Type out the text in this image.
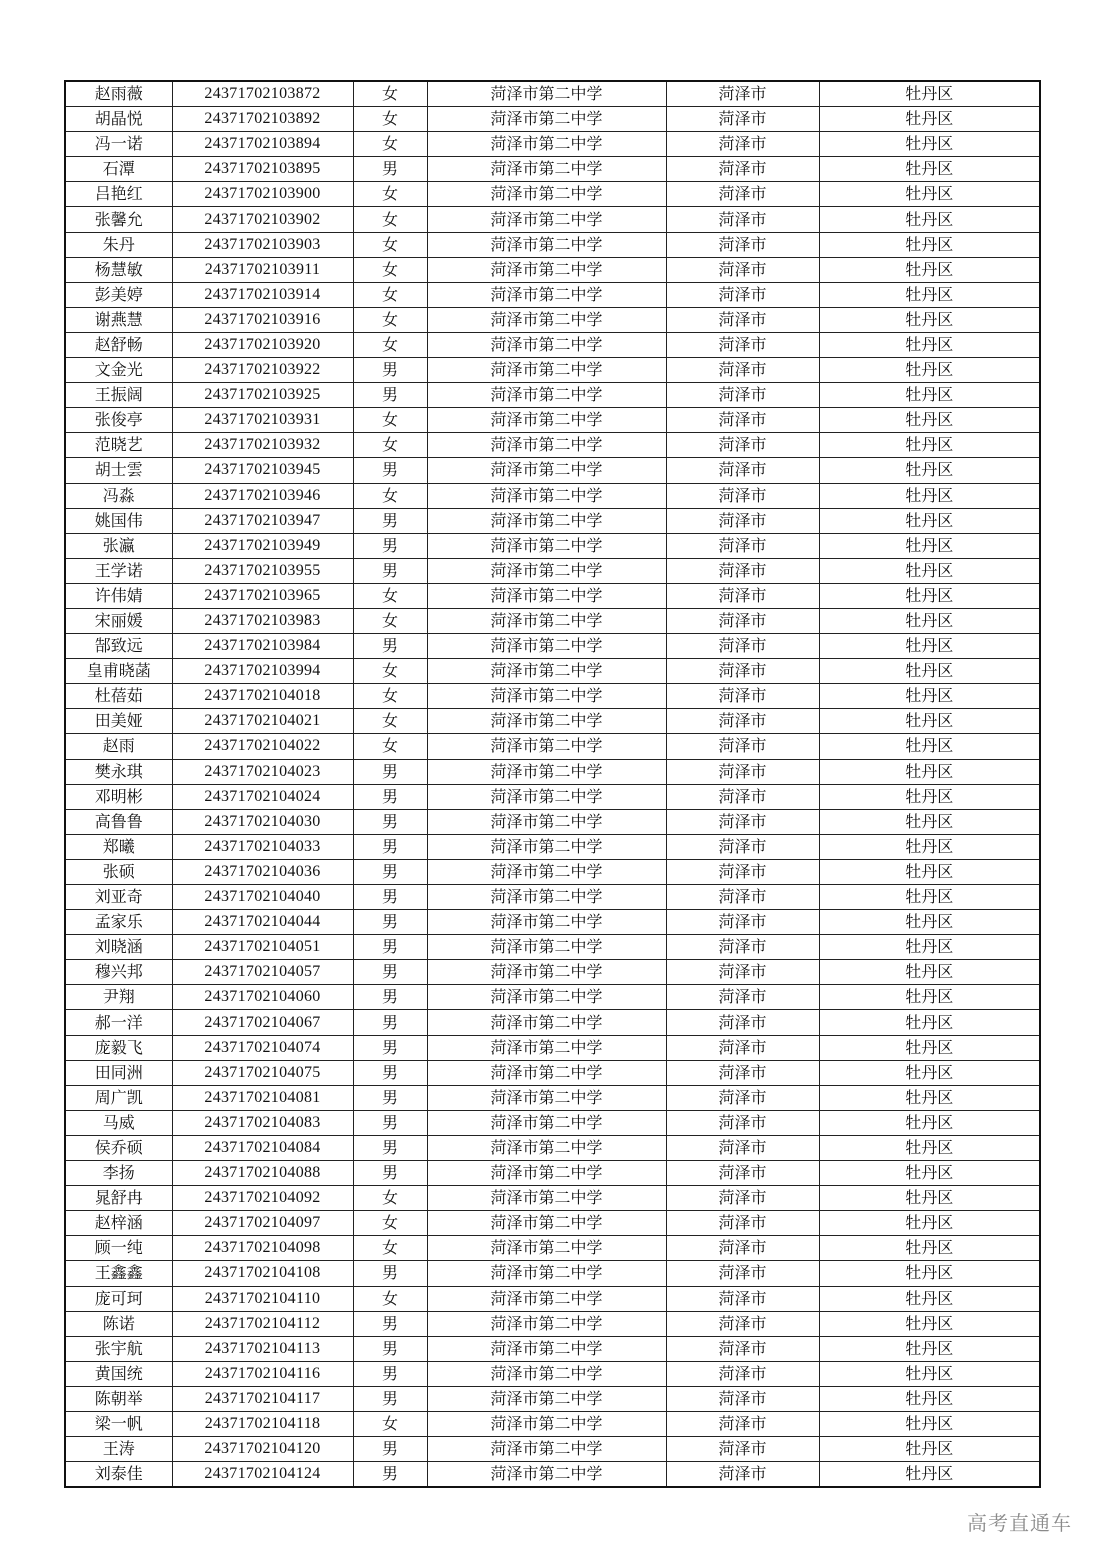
赵雨薇	24371702103872	女	菏泽市第二中学	菏泽市	牡丹区
胡晶悦	24371702103892	女	菏泽市第二中学	菏泽市	牡丹区
冯一诺	24371702103894	女	菏泽市第二中学	菏泽市	牡丹区
石潭	24371702103895	男	菏泽市第二中学	菏泽市	牡丹区
吕艳红	24371702103900	女	菏泽市第二中学	菏泽市	牡丹区
张馨允	24371702103902	女	菏泽市第二中学	菏泽市	牡丹区
朱丹	24371702103903	女	菏泽市第二中学	菏泽市	牡丹区
杨慧敏	24371702103911	女	菏泽市第二中学	菏泽市	牡丹区
彭美婷	24371702103914	女	菏泽市第二中学	菏泽市	牡丹区
谢燕慧	24371702103916	女	菏泽市第二中学	菏泽市	牡丹区
赵舒畅	24371702103920	女	菏泽市第二中学	菏泽市	牡丹区
文金光	24371702103922	男	菏泽市第二中学	菏泽市	牡丹区
王振阔	24371702103925	男	菏泽市第二中学	菏泽市	牡丹区
张俊亭	24371702103931	女	菏泽市第二中学	菏泽市	牡丹区
范晓艺	24371702103932	女	菏泽市第二中学	菏泽市	牡丹区
胡士雲	24371702103945	男	菏泽市第二中学	菏泽市	牡丹区
冯淼	24371702103946	女	菏泽市第二中学	菏泽市	牡丹区
姚国伟	24371702103947	男	菏泽市第二中学	菏泽市	牡丹区
张瀛	24371702103949	男	菏泽市第二中学	菏泽市	牡丹区
王学诺	24371702103955	男	菏泽市第二中学	菏泽市	牡丹区
许伟婧	24371702103965	女	菏泽市第二中学	菏泽市	牡丹区
宋丽媛	24371702103983	女	菏泽市第二中学	菏泽市	牡丹区
郜致远	24371702103984	男	菏泽市第二中学	菏泽市	牡丹区
皇甫晓菡	24371702103994	女	菏泽市第二中学	菏泽市	牡丹区
杜蓓茹	24371702104018	女	菏泽市第二中学	菏泽市	牡丹区
田美娅	24371702104021	女	菏泽市第二中学	菏泽市	牡丹区
赵雨	24371702104022	女	菏泽市第二中学	菏泽市	牡丹区
樊永琪	24371702104023	男	菏泽市第二中学	菏泽市	牡丹区
邓明彬	24371702104024	男	菏泽市第二中学	菏泽市	牡丹区
高鲁鲁	24371702104030	男	菏泽市第二中学	菏泽市	牡丹区
郑曦	24371702104033	男	菏泽市第二中学	菏泽市	牡丹区
张硕	24371702104036	男	菏泽市第二中学	菏泽市	牡丹区
刘亚奇	24371702104040	男	菏泽市第二中学	菏泽市	牡丹区
孟家乐	24371702104044	男	菏泽市第二中学	菏泽市	牡丹区
刘晓涵	24371702104051	男	菏泽市第二中学	菏泽市	牡丹区
穆兴邦	24371702104057	男	菏泽市第二中学	菏泽市	牡丹区
尹翔	24371702104060	男	菏泽市第二中学	菏泽市	牡丹区
郝一洋	24371702104067	男	菏泽市第二中学	菏泽市	牡丹区
庞毅飞	24371702104074	男	菏泽市第二中学	菏泽市	牡丹区
田同洲	24371702104075	男	菏泽市第二中学	菏泽市	牡丹区
周广凯	24371702104081	男	菏泽市第二中学	菏泽市	牡丹区
马威	24371702104083	男	菏泽市第二中学	菏泽市	牡丹区
侯乔硕	24371702104084	男	菏泽市第二中学	菏泽市	牡丹区
李扬	24371702104088	男	菏泽市第二中学	菏泽市	牡丹区
晁舒冉	24371702104092	女	菏泽市第二中学	菏泽市	牡丹区
赵梓涵	24371702104097	女	菏泽市第二中学	菏泽市	牡丹区
顾一纯	24371702104098	女	菏泽市第二中学	菏泽市	牡丹区
王鑫鑫	24371702104108	男	菏泽市第二中学	菏泽市	牡丹区
庞可珂	24371702104110	女	菏泽市第二中学	菏泽市	牡丹区
陈诺	24371702104112	男	菏泽市第二中学	菏泽市	牡丹区
张宇航	24371702104113	男	菏泽市第二中学	菏泽市	牡丹区
黄国统	24371702104116	男	菏泽市第二中学	菏泽市	牡丹区
陈朝举	24371702104117	男	菏泽市第二中学	菏泽市	牡丹区
梁一帆	24371702104118	女	菏泽市第二中学	菏泽市	牡丹区
王涛	24371702104120	男	菏泽市第二中学	菏泽市	牡丹区
刘泰佳	24371702104124	男	菏泽市第二中学	菏泽市	牡丹区
高考直通车
